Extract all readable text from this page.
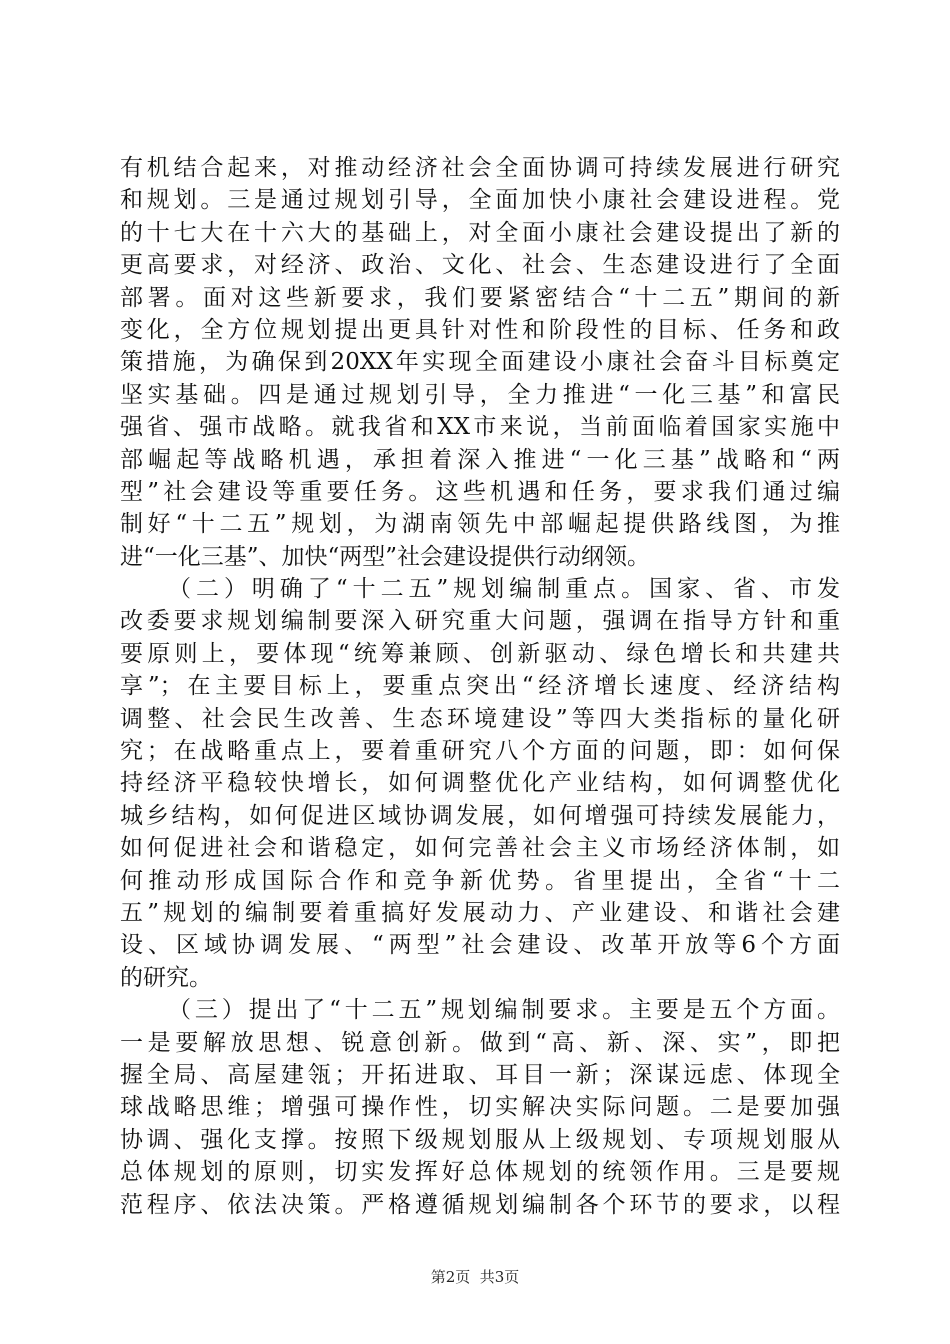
有机结合起来，对推动经济社会全面协调可持续发展进行研究
和规划。三是通过规划引导，全面加快小康社会建设进程。党
的十七大在十六大的基础上，对全面小康社会建设提出了新的
更高要求，对经济、政治、文化、社会、生态建设进行了全面
部署。面对这些新要求，我们要紧密结合“十二五”期间的新
变化，全方位规划提出更具针对性和阶段性的目标、任务和政
策措施，为确保到20XX年实现全面建设小康社会奋斗目标奠定
坚实基础。四是通过规划引导，全力推进“一化三基”和富民
强省、强市战略。就我省和XX市来说，当前面临着国家实施中
部崛起等战略机遇，承担着深入推进“一化三基”战略和“两
型”社会建设等重要任务。这些机遇和任务，要求我们通过编
制好“十二五”规划，为湖南领先中部崛起提供路线图，为推
进“一化三基”、加快“两型”社会建设提供行动纲领。
（二）明确了“十二五”规划编制重点。国家、省、市发
改委要求规划编制要深入研究重大问题，强调在指导方针和重
要原则上，要体现“统筹兼顾、创新驱动、绿色增长和共建共
享”；在主要目标上，要重点突出“经济增长速度、经济结构
调整、社会民生改善、生态环境建设”等四大类指标的量化研
究；在战略重点上，要着重研究八个方面的问题，即：如何保
持经济平稳较快增长，如何调整优化产业结构，如何调整优化
城乡结构，如何促进区域协调发展，如何增强可持续发展能力，
如何促进社会和谐稳定，如何完善社会主义市场经济体制，如
何推动形成国际合作和竞争新优势。省里提出，全省“十二
五”规划的编制要着重搞好发展动力、产业建设、和谐社会建
设、区域协调发展、“两型”社会建设、改革开放等6个方面
的研究。
（三）提出了“十二五”规划编制要求。主要是五个方面。
一是要解放思想、锐意创新。做到“高、新、深、实”，即把
握全局、高屋建瓴；开拓进取、耳目一新；深谋远虑、体现全
球战略思维；增强可操作性，切实解决实际问题。二是要加强
协调、强化支撑。按照下级规划服从上级规划、专项规划服从
总体规划的原则，切实发挥好总体规划的统领作用。三是要规
范程序、依法决策。严格遵循规划编制各个环节的要求，以程
第2页  共3页
